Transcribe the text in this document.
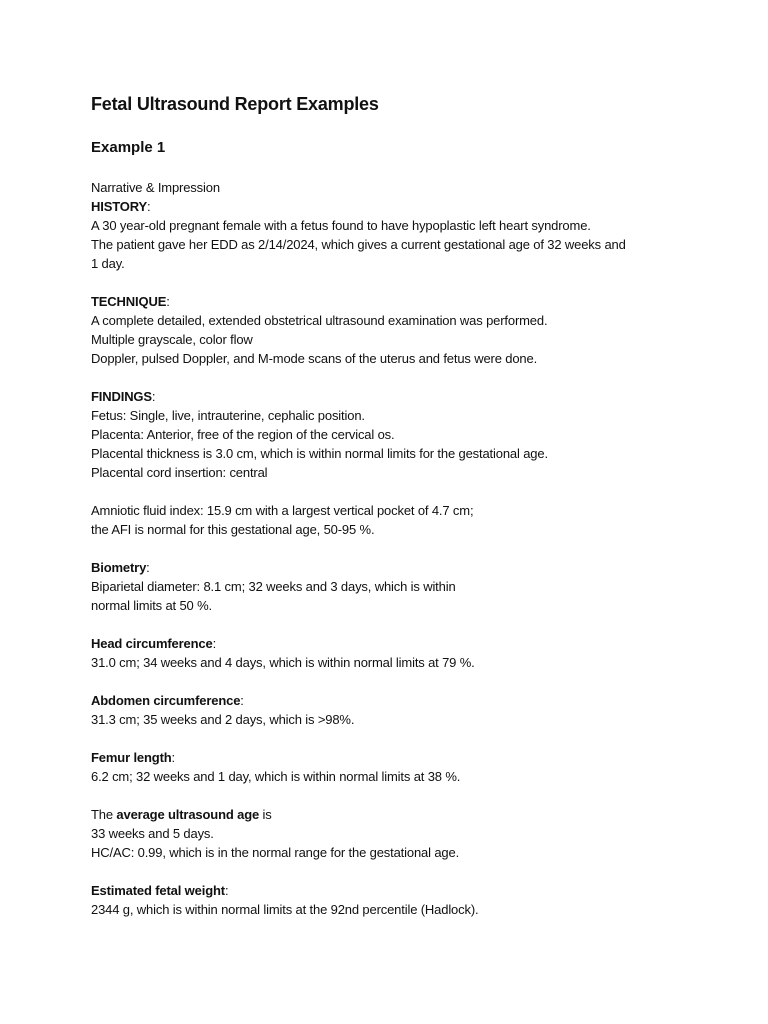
Fetal Ultrasound Report Examples
Example 1
Narrative & Impression
HISTORY:
A 30 year-old pregnant female with a fetus found to have hypoplastic left heart syndrome.
The patient gave her EDD as 2/14/2024, which gives a current gestational age of 32 weeks and
1 day.
TECHNIQUE:
A complete detailed, extended obstetrical ultrasound examination was performed.
Multiple grayscale, color flow
Doppler, pulsed Doppler, and M-mode scans of the uterus and fetus were done.
FINDINGS:
Fetus: Single, live, intrauterine, cephalic position.
Placenta: Anterior, free of the region of the cervical os.
Placental thickness is 3.0 cm, which is within normal limits for the gestational age.
Placental cord insertion: central
Amniotic fluid index: 15.9 cm with a largest vertical pocket of 4.7 cm;
the AFI is normal for this gestational age, 50-95 %.
Biometry:
Biparietal diameter: 8.1 cm; 32 weeks and 3 days, which is within
normal limits at 50 %.
Head circumference:
31.0 cm; 34 weeks and 4 days, which is within normal limits at 79 %.
Abdomen circumference:
31.3 cm; 35 weeks and 2 days, which is >98%.
Femur length:
6.2 cm; 32 weeks and 1 day, which is within normal limits at 38 %.
The average ultrasound age is
33 weeks and 5 days.
HC/AC: 0.99, which is in the normal range for the gestational age.
Estimated fetal weight:
2344 g, which is within normal limits at the 92nd percentile (Hadlock).
